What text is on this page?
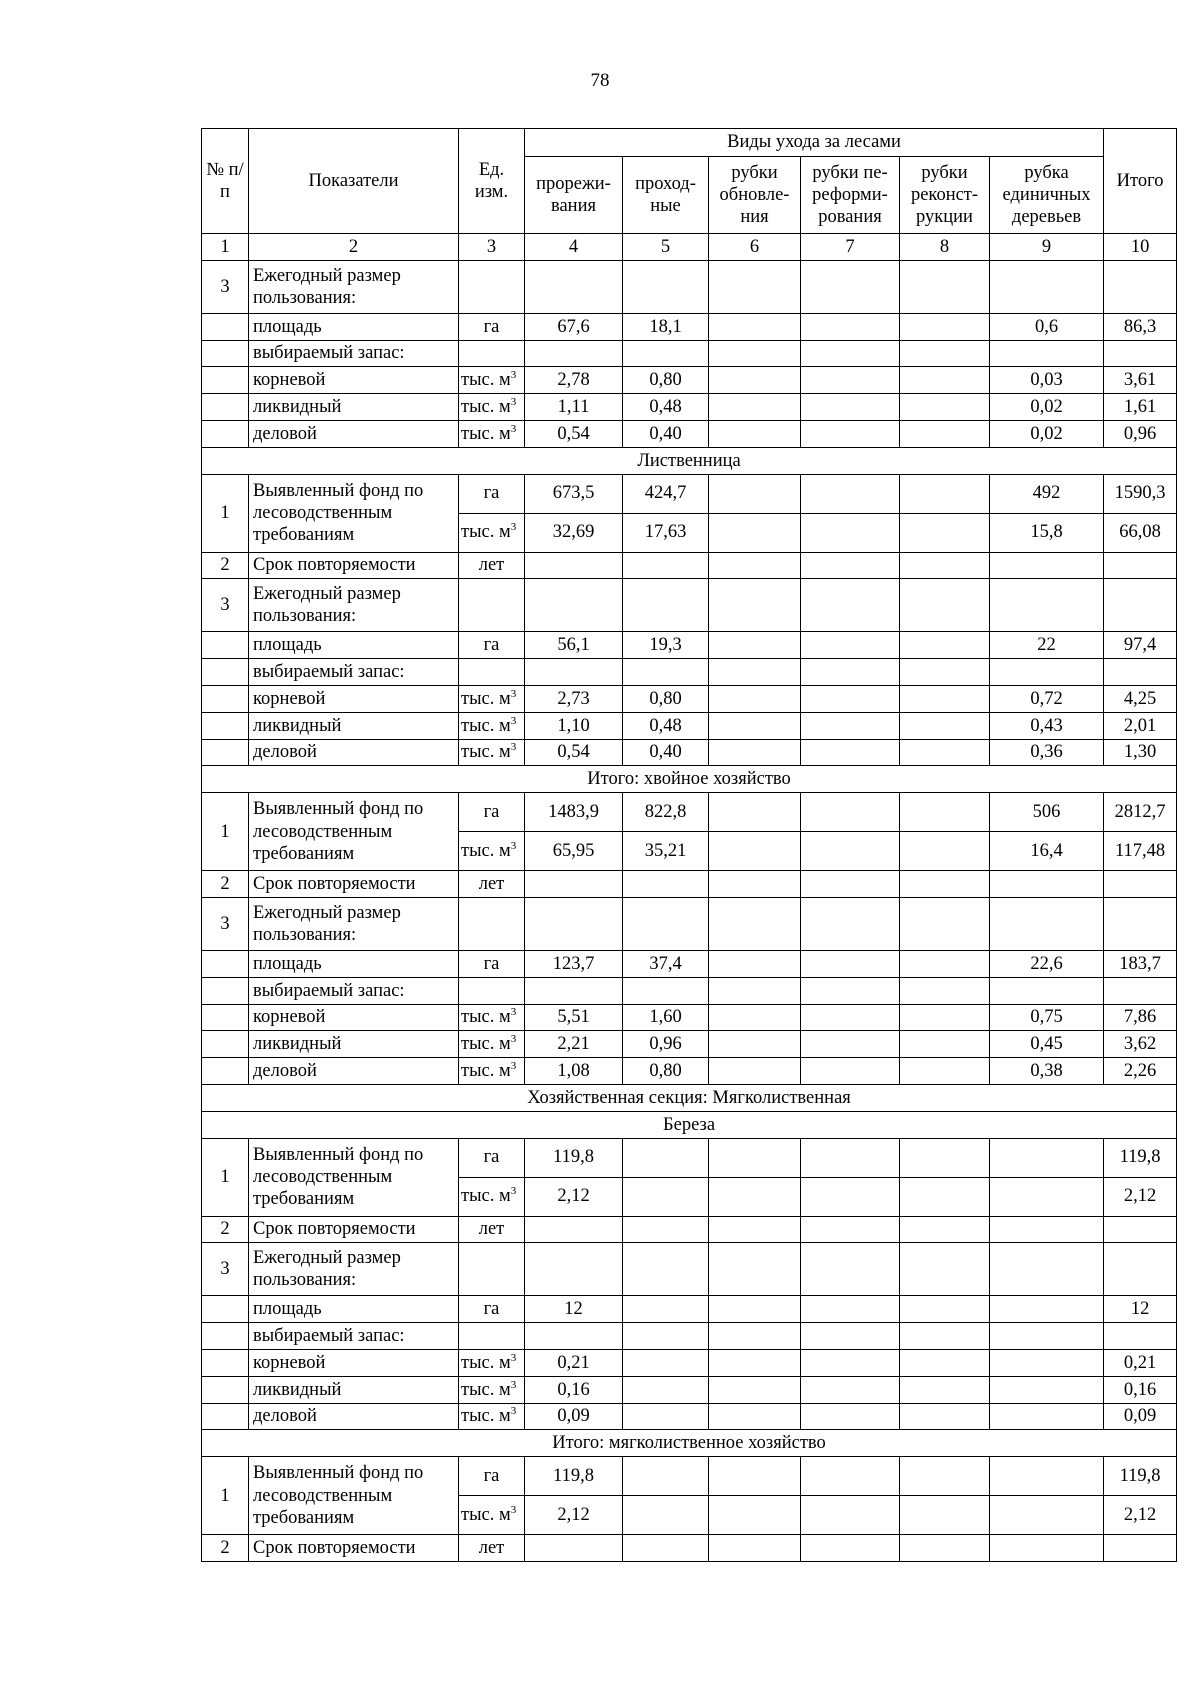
78
№ п/п	Показатели	Ед. изм.	Виды ухода за лесами						Итого
			прорежи-вания	проход-ные	рубки обновле-ния	рубки пе-реформи-рования	рубки реконст-рукции	рубка единичных деревьев	
1	2	3	4	5	6	7	8	9	10
3	Ежегодный размер пользования:								
	площадь	га	67,6	18,1				0,6	86,3
	выбираемый запас:								
	корневой	тыс. $м^3$	2,78	0,80				0,03	3,61
	ликвидный	тыс. $м^3$	1,11	0,48				0,02	1,61
	деловой	тыс. $м^3$	0,54	0,40				0,02	0,96
Лиственница									
1	Выявленный фонд по лесоводственным требованиям	га	673,5	424,7				492	1590,3
		тыс. $м^3$	32,69	17,63				15,8	66,08
2	Срок повторяемости	лет							
3	Ежегодный размер пользования:								
	площадь	га	56,1	19,3				22	97,4
	выбираемый запас:								
	корневой	тыс. $м^3$	2,73	0,80				0,72	4,25
	ликвидный	тыс. $м^3$	1,10	0,48				0,43	2,01
	деловой	тыс. $м^3$	0,54	0,40				0,36	1,30
Итого: хвойное хозяйство									
1	Выявленный фонд по лесоводственным требованиям	га	1483,9	822,8				506	2812,7
		тыс. $м^3$	65,95	35,21				16,4	117,48
2	Срок повторяемости	лет							
3	Ежегодный размер пользования:								
	площадь	га	123,7	37,4				22,6	183,7
	выбираемый запас:								
	корневой	тыс. $м^3$	5,51	1,60				0,75	7,86
	ликвидный	тыс. $м^3$	2,21	0,96				0,45	3,62
	деловой	тыс. $м^3$	1,08	0,80				0,38	2,26
Хозяйственная секция: Мягколиственная									
Береза									
1	Выявленный фонд по лесоводственным требованиям	га	119,8						119,8
		тыс. $м^3$	2,12						2,12
2	Срок повторяемости	лет							
3	Ежегодный размер пользования:								
	площадь	га	12						12
	выбираемый запас:								
	корневой	тыс. $м^3$	0,21						0,21
	ликвидный	тыс. $м^3$	0,16						0,16
	деловой	тыс. $м^3$	0,09						0,09
Итого: мягколиственное хозяйство									
1	Выявленный фонд по лесоводственным требованиям	га	119,8						119,8
		тыс. $м^3$	2,12						2,12
2	Срок повторяемости	лет							
